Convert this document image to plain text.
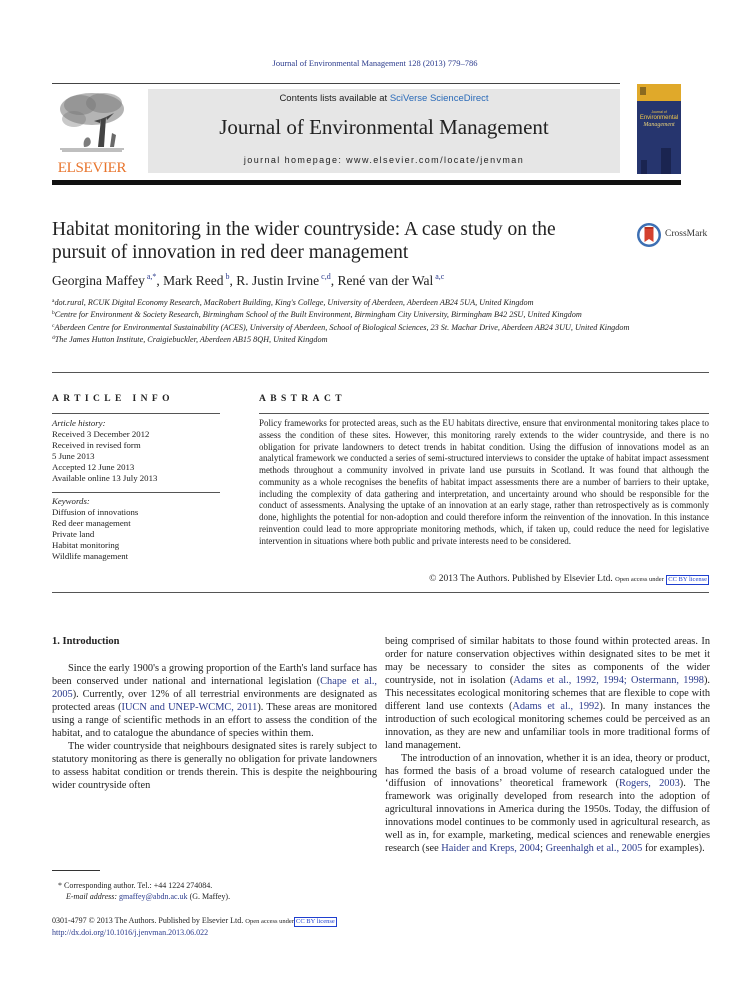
Journal of Environmental Management 128 (2013) 779–786
ELSEVIER
Contents lists available at SciVerse ScienceDirect
Journal of Environmental Management
journal homepage: www.elsevier.com/locate/jenvman
Journal of
Environmental
Management
Habitat monitoring in the wider countryside: A case study on the pursuit of innovation in red deer management
CrossMark
Georgina Maffey $^{a,*}$, Mark Reed $^b$, R. Justin Irvine $^{c,d}$, René van der Wal $^{a,c}$
$^a$dot.rural, RCUK Digital Economy Research, MacRobert Building, King's College, University of Aberdeen, Aberdeen AB24 5UA, United Kingdom
$^b$Centre for Environment & Society Research, Birmingham School of the Built Environment, Birmingham City University, Birmingham B42 2SU, United Kingdom
$^c$Aberdeen Centre for Environmental Sustainability (ACES), University of Aberdeen, School of Biological Sciences, 23 St. Machar Drive, Aberdeen AB24 3UU, United Kingdom
$^d$The James Hutton Institute, Craigiebuckler, Aberdeen AB15 8QH, United Kingdom
ARTICLE INFO	ABSTRACT
Article history:
Received 3 December 2012
Received in revised form
5 June 2013
Accepted 12 June 2013
Available online 13 July 2013
Keywords:
Diffusion of innovations
Red deer management
Private land
Habitat monitoring
Wildlife management
Policy frameworks for protected areas, such as the EU habitats directive, ensure that environmental monitoring takes place to assess the condition of these sites. However, this monitoring rarely extends to the wider countryside, and there is no obligation for private landowners to detect trends in habitat condition. Using the diffusion of innovations model as an analytical framework we conducted a series of semi-structured interviews to consider the uptake of habitat impact assessment methods throughout a community involved in private land use pursuits in Scotland. It was found that although the community as a whole recognises the benefits of habitat impact assessments there are a number of barriers to their uptake, including the complexity of data gathering and interpretation, and uncertainty around who should be responsible for the conduct of assessments. Analysing the uptake of an innovation at an early stage, rather than retrospectively as is commonly done, highlights the potential for non-adoption and could therefore inform the reinvention of the innovation. In this instance reinvention could lead to more appropriate monitoring methods, which, if taken up, could reduce the need for legislative intervention in situations where both public and private interests need to be considered.
© 2013 The Authors. Published by Elsevier Ltd. Open access under CC BY license

1. Introduction

Since the early 1900's a growing proportion of the Earth's land surface has been conserved under national and international legislation (Chape et al., 2005). Currently, over 12% of all terrestrial environments are designated as protected areas (IUCN and UNEP-WCMC, 2011). These areas are monitored using a range of scientific methods in an effort to assess the condition of the habitat, and to catalogue the abundance of species within them.

The wider countryside that neighbours designated sites is rarely subject to statutory monitoring as there is generally no obligation for private landowners to assess habitat condition or trends therein. This is despite the neighbouring wider countryside often

being comprised of similar habitats to those found within protected areas. In order for nature conservation objectives within designated sites to be met it may be necessary to consider the sites as components of the wider countryside, not in isolation (Adams et al., 1992, 1994; Ostermann, 1998). This necessitates ecological monitoring schemes that are flexible to cope with different land use contexts (Adams et al., 1992). In many instances the introduction of such ecological monitoring schemes could be perceived as an innovation, as they are new and unfamiliar tools in more traditional forms of land management.

The introduction of an innovation, whether it is an idea, theory or product, has formed the basis of a broad volume of research catalogued under the ‘diffusion of innovations’ theoretical framework (Rogers, 2003). The framework was originally developed from research into the adoption of agricultural innovations in America during the 1950s. Today, the diffusion of innovations model continues to be commonly used in agricultural research, as well as in, for example, marketing, medical sciences and renewable energies research (see Haider and Kreps, 2004; Greenhalgh et al., 2005 for examples).

* Corresponding author. Tel.: +44 1224 274084.
E-mail address: gmaffey@abdn.ac.uk (G. Maffey).
0301-4797 © 2013 The Authors. Published by Elsevier Ltd. Open access under CC BY license
http://dx.doi.org/10.1016/j.jenvman.2013.06.022
